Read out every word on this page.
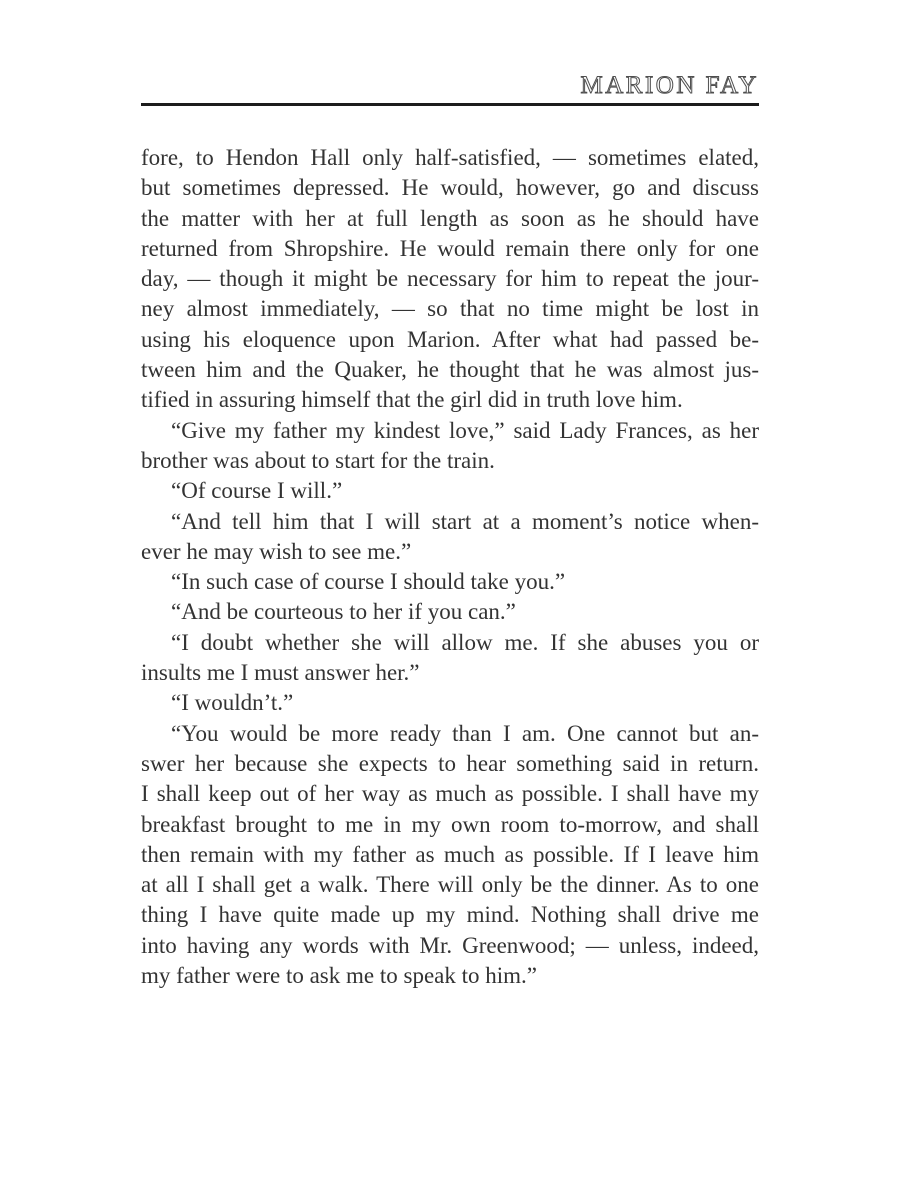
MARION FAY
fore, to Hendon Hall only half-satisfied, — sometimes elated,
but sometimes depressed. He would, however, go and discuss
the matter with her at full length as soon as he should have
returned from Shropshire. He would remain there only for one
day, — though it might be necessary for him to repeat the jour-
ney almost immediately, — so that no time might be lost in
using his eloquence upon Marion. After what had passed be-
tween him and the Quaker, he thought that he was almost jus-
tified in assuring himself that the girl did in truth love him.
“Give my father my kindest love,” said Lady Frances, as her
brother was about to start for the train.
“Of course I will.”
“And tell him that I will start at a moment’s notice when-
ever he may wish to see me.”
“In such case of course I should take you.”
“And be courteous to her if you can.”
“I doubt whether she will allow me. If she abuses you or
insults me I must answer her.”
“I wouldn’t.”
“You would be more ready than I am. One cannot but an-
swer her because she expects to hear something said in return.
I shall keep out of her way as much as possible. I shall have my
breakfast brought to me in my own room to-morrow, and shall
then remain with my father as much as possible. If I leave him
at all I shall get a walk. There will only be the dinner. As to one
thing I have quite made up my mind. Nothing shall drive me
into having any words with Mr. Greenwood; — unless, indeed,
my father were to ask me to speak to him.”
